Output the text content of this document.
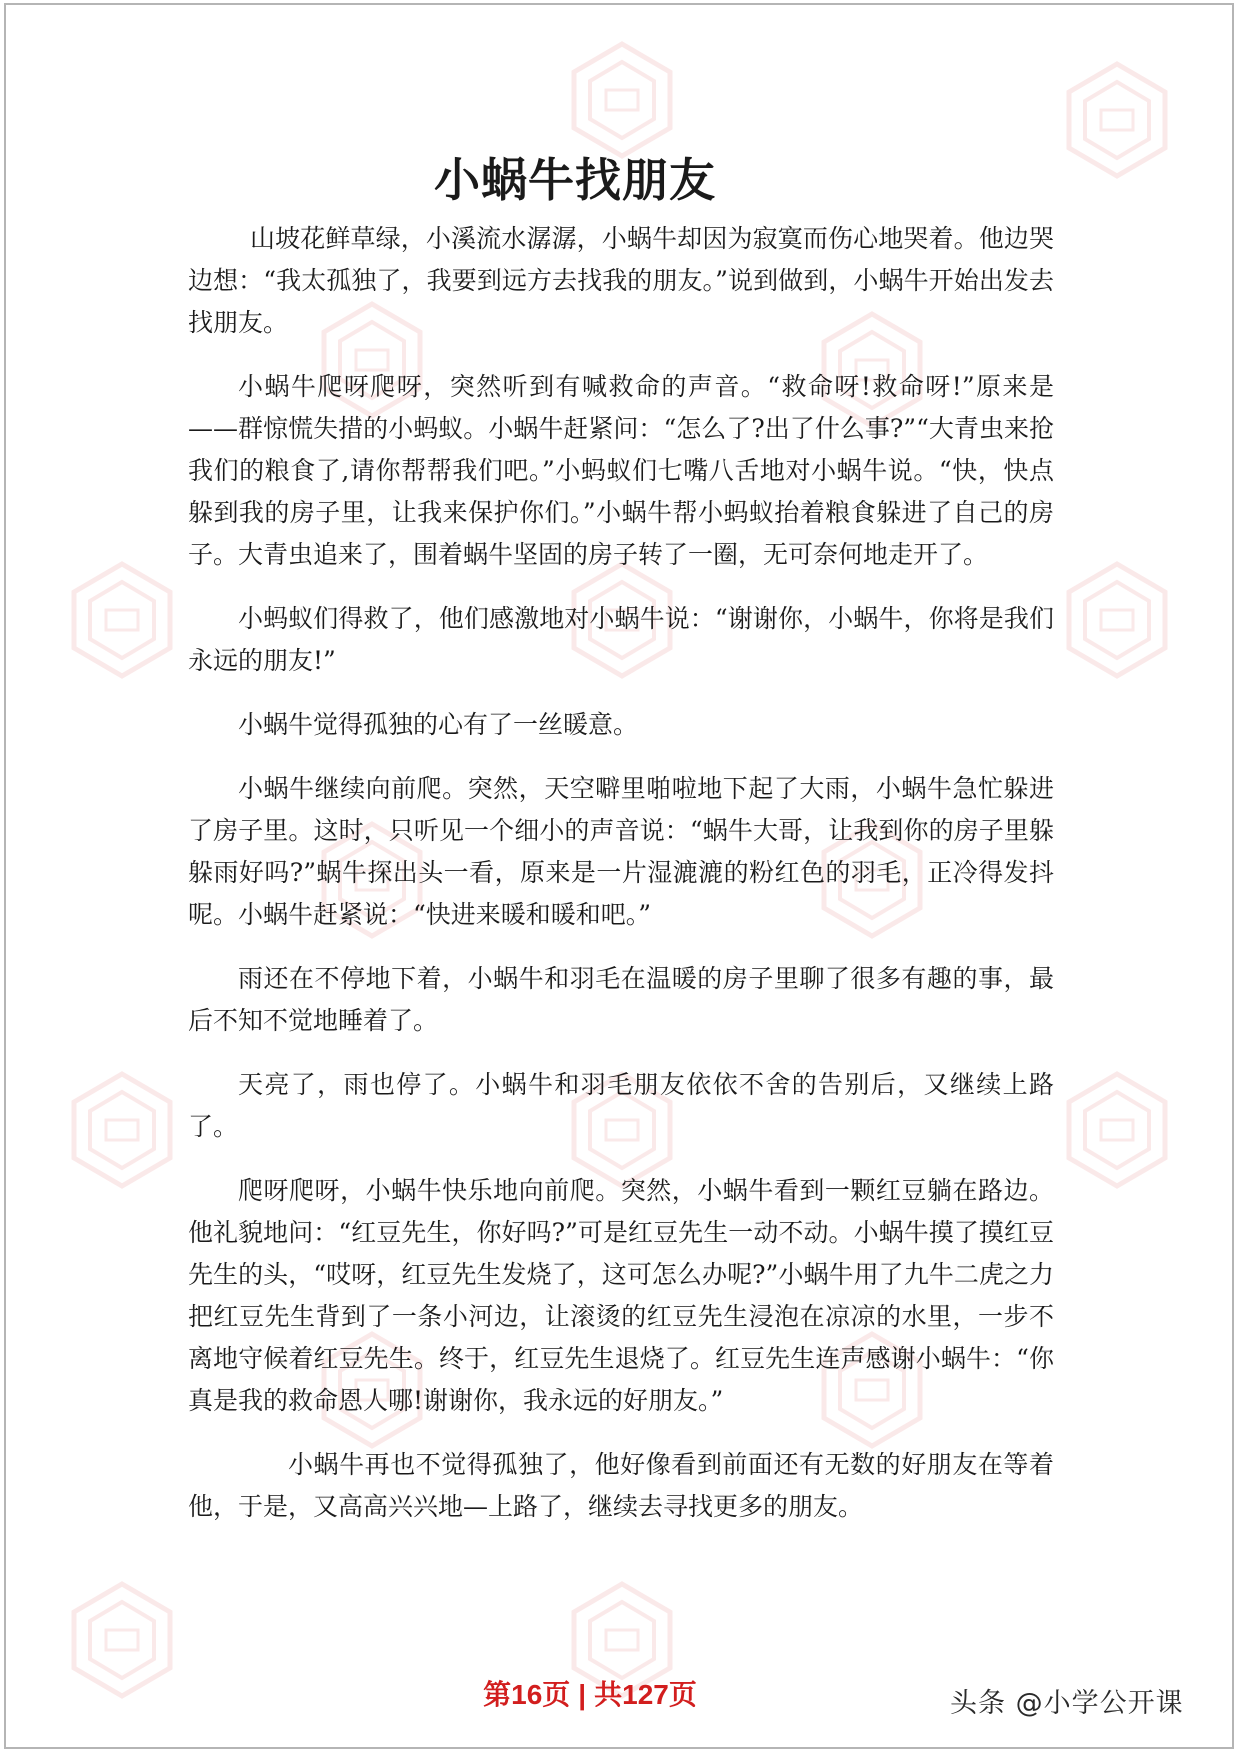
小蜗牛找朋友

山坡花鲜草绿，小溪流水潺潺，小蜗牛却因为寂寞而伤心地哭着。他边哭边想：“我太孤独了，我要到远方去找我的朋友。”说到做到，小蜗牛开始出发去找朋友。

小蜗牛爬呀爬呀，突然听到有喊救命的声音。“救命呀!救命呀!”原来是——群惊慌失措的小蚂蚁。小蜗牛赶紧问：“怎么了?出了什么事?”“大青虫来抢我们的粮食了,请你帮帮我们吧。”小蚂蚁们七嘴八舌地对小蜗牛说。“快，快点躲到我的房子里，让我来保护你们。”小蜗牛帮小蚂蚁抬着粮食躲进了自己的房子。大青虫追来了，围着蜗牛坚固的房子转了一圈，无可奈何地走开了。

小蚂蚁们得救了，他们感激地对小蜗牛说：“谢谢你，小蜗牛，你将是我们永远的朋友!”

小蜗牛觉得孤独的心有了一丝暖意。

小蜗牛继续向前爬。突然，天空噼里啪啦地下起了大雨，小蜗牛急忙躲进了房子里。这时，只听见一个细小的声音说：“蜗牛大哥，让我到你的房子里躲躲雨好吗?”蜗牛探出头一看，原来是一片湿漉漉的粉红色的羽毛，正冷得发抖呢。小蜗牛赶紧说：“快进来暖和暖和吧。”

雨还在不停地下着，小蜗牛和羽毛在温暖的房子里聊了很多有趣的事，最后不知不觉地睡着了。

天亮了，雨也停了。小蜗牛和羽毛朋友依依不舍的告别后，又继续上路了。

爬呀爬呀，小蜗牛快乐地向前爬。突然，小蜗牛看到一颗红豆躺在路边。他礼貌地问：“红豆先生，你好吗?”可是红豆先生一动不动。小蜗牛摸了摸红豆先生的头，“哎呀，红豆先生发烧了，这可怎么办呢?”小蜗牛用了九牛二虎之力把红豆先生背到了一条小河边，让滚烫的红豆先生浸泡在凉凉的水里，一步不离地守候着红豆先生。终于，红豆先生退烧了。红豆先生连声感谢小蜗牛：“你真是我的救命恩人哪!谢谢你，我永远的好朋友。”

小蜗牛再也不觉得孤独了，他好像看到前面还有无数的好朋友在等着他，于是，又高高兴兴地—上路了，继续去寻找更多的朋友。

第16页 | 共127页	头条 @小学公开课
